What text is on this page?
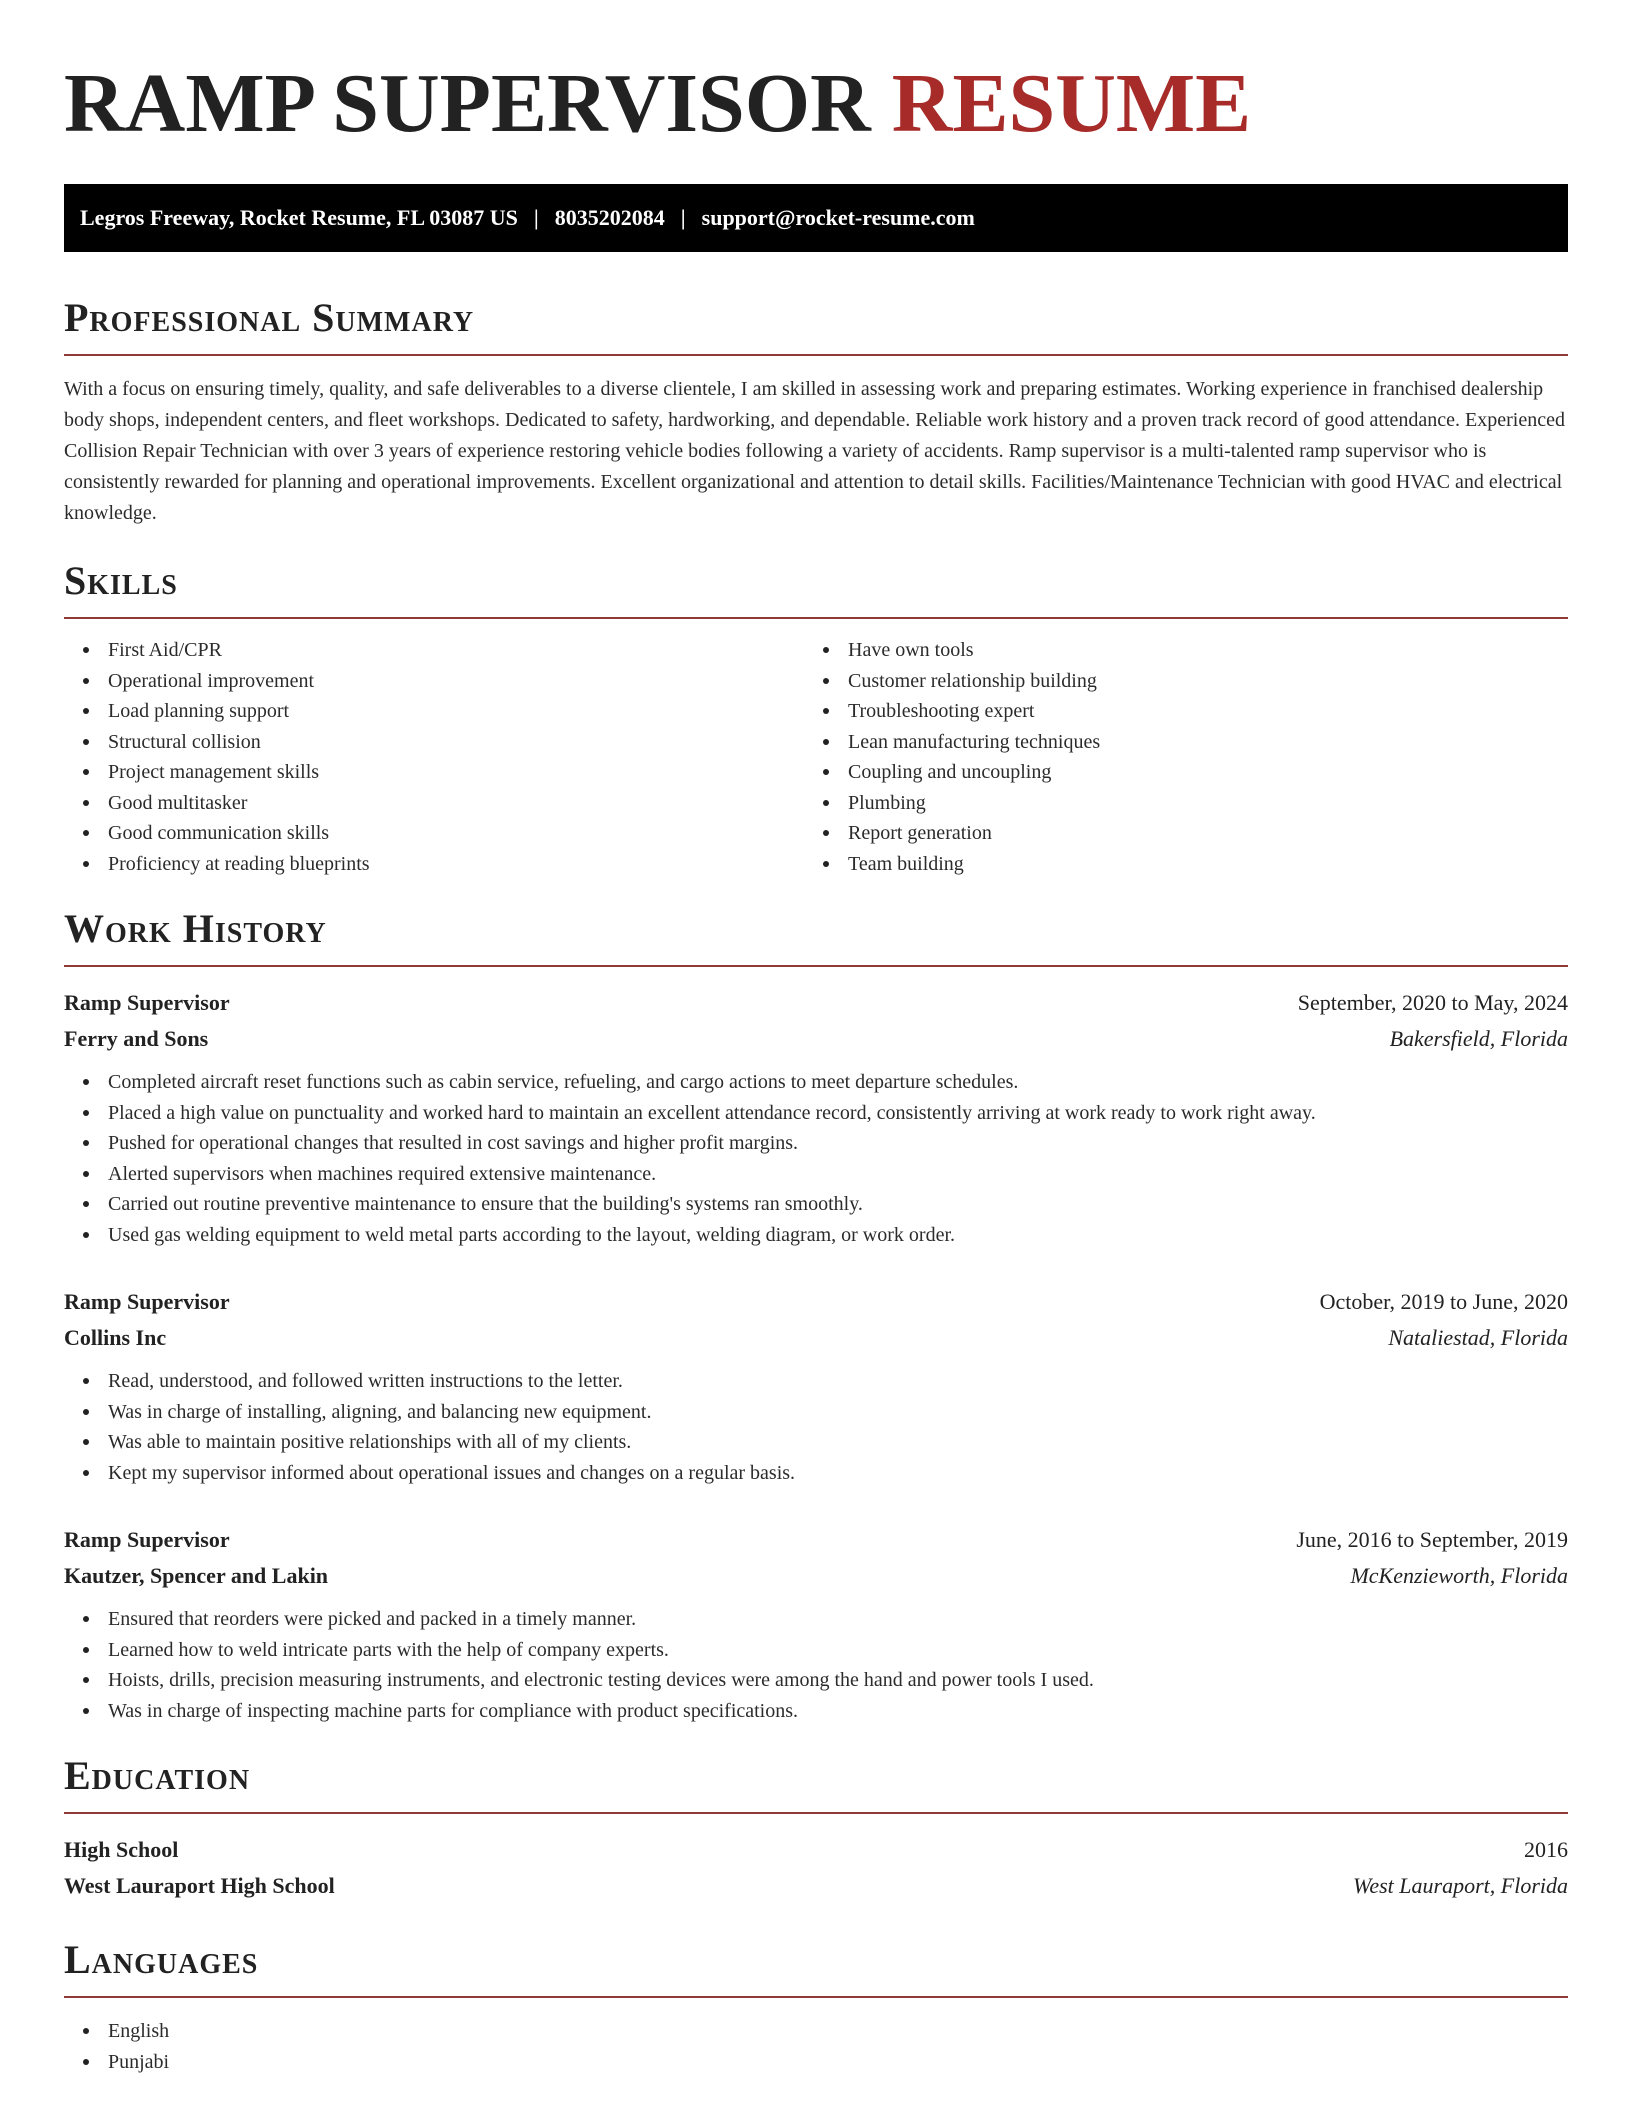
RAMP SUPERVISOR RESUME
Legros Freeway, Rocket Resume, FL 03087 US | 8035202084 | support@rocket-resume.com
Professional Summary

With a focus on ensuring timely, quality, and safe deliverables to a diverse clientele, I am skilled in assessing work and preparing estimates. Working experience in franchised dealership body shops, independent centers, and fleet workshops. Dedicated to safety, hardworking, and dependable. Reliable work history and a proven track record of good attendance. Experienced Collision Repair Technician with over 3 years of experience restoring vehicle bodies following a variety of accidents. Ramp supervisor is a multi-talented ramp supervisor who is consistently rewarded for planning and operational improvements. Excellent organizational and attention to detail skills. Facilities/Maintenance Technician with good HVAC and electrical knowledge.

Skills
First Aid/CPR
Operational improvement
Load planning support
Structural collision
Project management skills
Good multitasker
Good communication skills
Proficiency at reading blueprints
Have own tools
Customer relationship building
Troubleshooting expert
Lean manufacturing techniques
Coupling and uncoupling
Plumbing
Report generation
Team building
Work History
Ramp Supervisor	September, 2020 to May, 2024
Ferry and Sons	Bakersfield, Florida
Completed aircraft reset functions such as cabin service, refueling, and cargo actions to meet departure schedules.
Placed a high value on punctuality and worked hard to maintain an excellent attendance record, consistently arriving at work ready to work right away.
Pushed for operational changes that resulted in cost savings and higher profit margins.
Alerted supervisors when machines required extensive maintenance.
Carried out routine preventive maintenance to ensure that the building's systems ran smoothly.
Used gas welding equipment to weld metal parts according to the layout, welding diagram, or work order.
Ramp Supervisor	October, 2019 to June, 2020
Collins Inc	Nataliestad, Florida
Read, understood, and followed written instructions to the letter.
Was in charge of installing, aligning, and balancing new equipment.
Was able to maintain positive relationships with all of my clients.
Kept my supervisor informed about operational issues and changes on a regular basis.
Ramp Supervisor	June, 2016 to September, 2019
Kautzer, Spencer and Lakin	McKenzieworth, Florida
Ensured that reorders were picked and packed in a timely manner.
Learned how to weld intricate parts with the help of company experts.
Hoists, drills, precision measuring instruments, and electronic testing devices were among the hand and power tools I used.
Was in charge of inspecting machine parts for compliance with product specifications.
Education
High School	2016
West Lauraport High School	West Lauraport, Florida
Languages
English
Punjabi
